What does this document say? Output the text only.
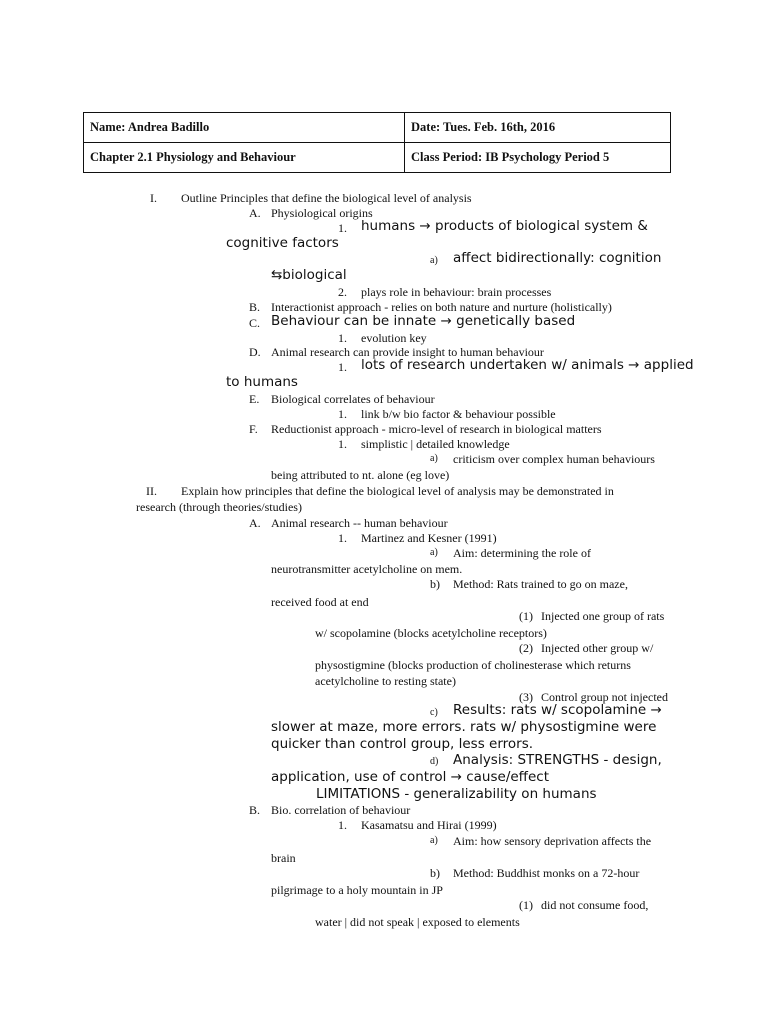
Name: Andrea Badillo	Date: Tues. Feb. 16th, 2016
Chapter 2.1 Physiology and Behaviour	Class Period: IB Psychology Period 5
I. Outline Principles that define the biological level of analysis
A. Physiological origins
1. humans → products of biological system &
cognitive factors
a) affect bidirectionally: cognition
⇆biological
2. plays role in behaviour: brain processes
B. Interactionist approach - relies on both nature and nurture (holistically)
C. Behaviour can be innate → genetically based
1. evolution key
D. Animal research can provide insight to human behaviour
1. lots of research undertaken w/ animals → applied
to humans
E. Biological correlates of behaviour
1. link b/w bio factor & behaviour possible
F. Reductionist approach - micro-level of research in biological matters
1. simplistic | detailed knowledge
a) criticism over complex human behaviours
being attributed to nt. alone (eg love)
II. Explain how principles that define the biological level of analysis may be demonstrated in
research (through theories/studies)
A. Animal research -- human behaviour
1. Martinez and Kesner (1991)
a) Aim: determining the role of
neurotransmitter acetylcholine on mem.
b) Method: Rats trained to go on maze,
received food at end
(1) Injected one group of rats
w/ scopolamine (blocks acetylcholine receptors)
(2) Injected other group w/
physostigmine (blocks production of cholinesterase which returns
acetylcholine to resting state)
(3) Control group not injected
c) Results: rats w/ scopolamine →
slower at maze, more errors. rats w/ physostigmine were
quicker than control group, less errors.
d) Analysis: STRENGTHS - design,
application, use of control → cause/effect
LIMITATIONS - generalizability on humans
B. Bio. correlation of behaviour
1. Kasamatsu and Hirai (1999)
a) Aim: how sensory deprivation affects the
brain
b) Method: Buddhist monks on a 72-hour
pilgrimage to a holy mountain in JP
(1) did not consume food,
water | did not speak | exposed to elements
